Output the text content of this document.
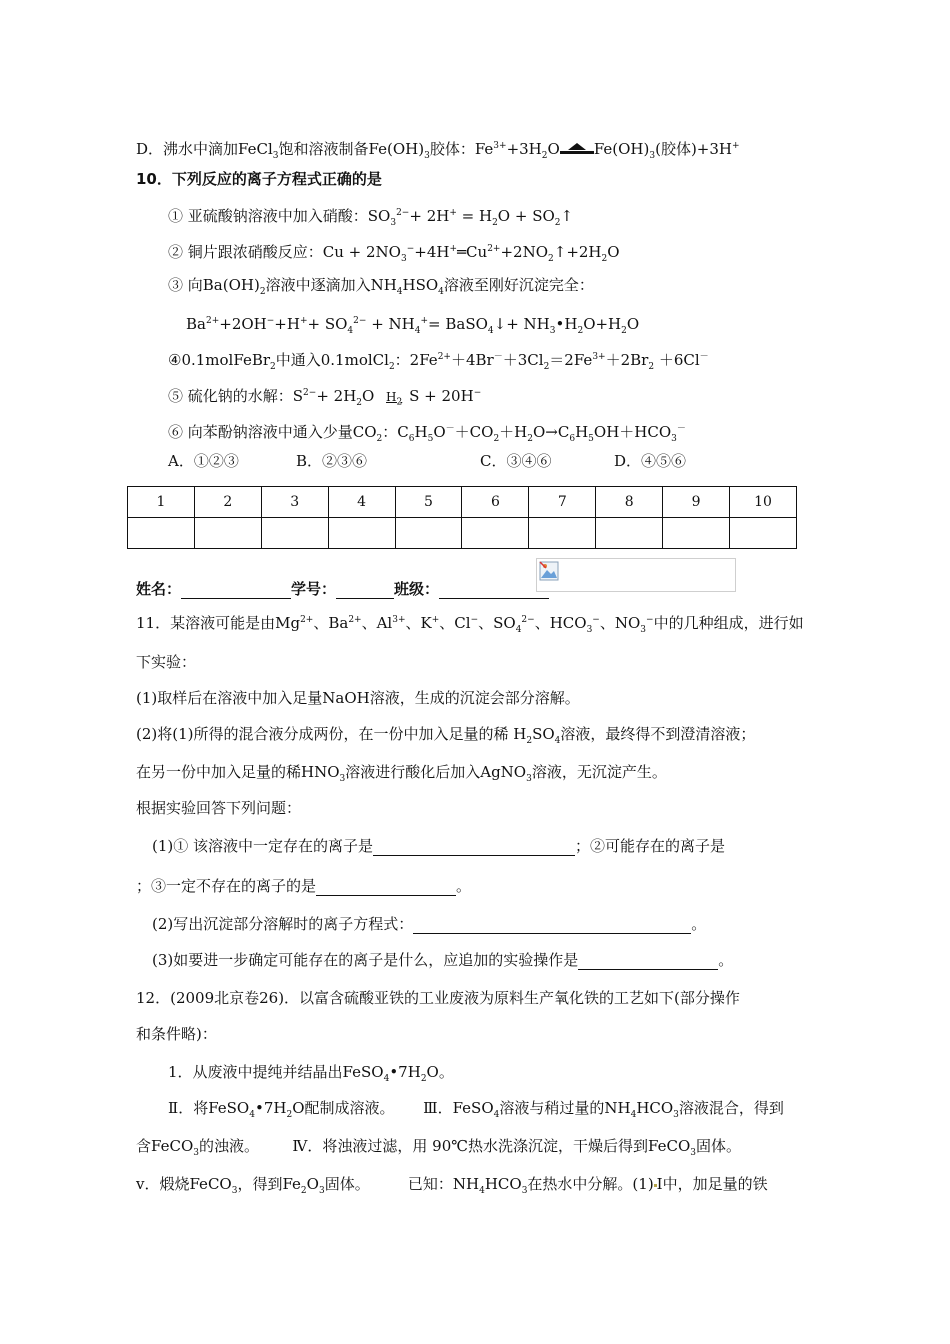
D．沸水中滴加FeCl$_3$饱和溶液制备$Fe(OH)_3$胶体：$Fe^{3+}+3H_2O$ $Fe(OH)_3$(胶体)+3H+
10．下列反应的离子方程式正确的是
① 亚硫酸钠溶液中加入硝酸：$SO_3^{2-}+ 2H^+ = H_2O$ + $SO_2↑$
② 铜片跟浓硝酸反应：$Cu + 2NO_3^-+4H^+═Cu^{2+}+2NO_2↑+2H_2O$
③ 向$Ba(OH)_2$溶液中逐滴加入$NH_4HSO_4$溶液至刚好沉淀完全：
$Ba^{2+}+2OH^-+H^++ SO_4^{2-} + NH_4^+=$ BaSO$_4$↓+ $NH_3•H_2O+H_2O$
④0.1molFeBr$_2$中通入0.1molCl$_2$：$2Fe^{2+}+4Br^-+3Cl_2=2Fe^{3+}+2Br_2 +6Cl^-$
⑤ 硫化钠的水解：$S^{2-}+ 2H_2O$ $H_2$ S + 20H−
⑥ 向苯酚钠溶液中通入少量$CO_2$：$C_6H_5O^-+CO_2+H_2O\to C_6H_5OH+HCO_3^-$
A．①②③	B．②③⑥	C．③④⑥	D．④⑤⑥
1	2	3	4	5	6	7	8	9	10

姓名：	学号：	班级：
11．某溶液可能是由$Mg^{2+}$、$Ba^{2+}$、$Al^{3+}$、K+、Cl−、$SO_4^{2-}$、$HCO_3^-$、$NO_3^-$中的几种组成，进行如
下实验：
(1)取样后在溶液中加入足量NaOH溶液，生成的沉淀会部分溶解。
(2)将(1)所得的混合液分成两份，在一份中加入足量的稀 $H_2SO_4$溶液，最终得不到澄清溶液；
在另一份中加入足量的稀$HNO_3$溶液进行酸化后加入AgNO$_3$溶液，无沉淀产生。
根据实验回答下列问题：
(1)① 该溶液中一定存在的离子是	；②可能存在的离子是
；③一定不存在的离子的是	。
(2)写出沉淀部分溶解时的离子方程式：	。
(3)如要进一步确定可能存在的离子是什么，应追加的实验操作是	。
12．(2009北京卷26)．以富含硫酸亚铁的工业废液为原料生产氧化铁的工艺如下(部分操作
和条件略)：
1．从废液中提纯并结晶出$FeSO_4•7H_2O$。
Ⅱ．将$FeSO_4•7H_2O$配制成溶液。 Ⅲ．FeSO$_4$溶液与稍过量的$NH_4HCO_3$溶液混合，得到
含FeCO$_3$的浊液。 Ⅳ．将浊液过滤，用 90℃热水洗涤沉淀，干燥后得到FeCO$_3$固体。
ⅴ．煅烧FeCO$_3$，得到$Fe_2O_3$固体。	已知：$NH_4HCO_3$在热水中分解。(1) Ⅰ中，加足量的铁
